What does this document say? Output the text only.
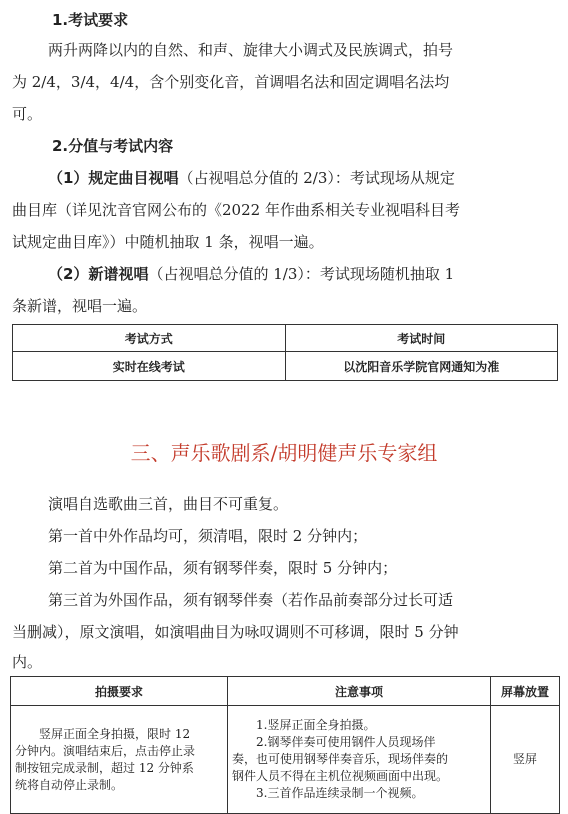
1.考试要求
两升两降以内的自然、和声、旋律大小调式及民族调式，拍号
为 2/4，3/4，4/4，含个别变化音，首调唱名法和固定调唱名法均
可。
2.分值与考试内容
（1）规定曲目视唱（占视唱总分值的 2/3）：考试现场从规定
曲目库（详见沈音官网公布的《2022 年作曲系相关专业视唱科目考
试规定曲目库》）中随机抽取 1 条，视唱一遍。
（2）新谱视唱（占视唱总分值的 1/3）：考试现场随机抽取 1
条新谱，视唱一遍。
考试方式	考试时间
实时在线考试	以沈阳音乐学院官网通知为准
三、声乐歌剧系/胡明健声乐专家组
演唱自选歌曲三首，曲目不可重复。
第一首中外作品均可，须清唱，限时 2 分钟内；
第二首为中国作品，须有钢琴伴奏，限时 5 分钟内；
第三首为外国作品，须有钢琴伴奏（若作品前奏部分过长可适
当删减），原文演唱，如演唱曲目为咏叹调则不可移调，限时 5 分钟
内。
拍摄要求	注意事项	屏幕放置

竖屏正面全身拍摄，限时 12
分钟内。演唱结束后，点击停止录
制按钮完成录制，超过 12 分钟系
统将自动停止录制。	1.竖屏正面全身拍摄。
2.钢琴伴奏可使用钢件人员现场伴
奏，也可使用钢琴伴奏音乐，现场伴奏的
钢件人员不得在主机位视频画面中出现。
3.三首作品连续录制一个视频。	竖屏
